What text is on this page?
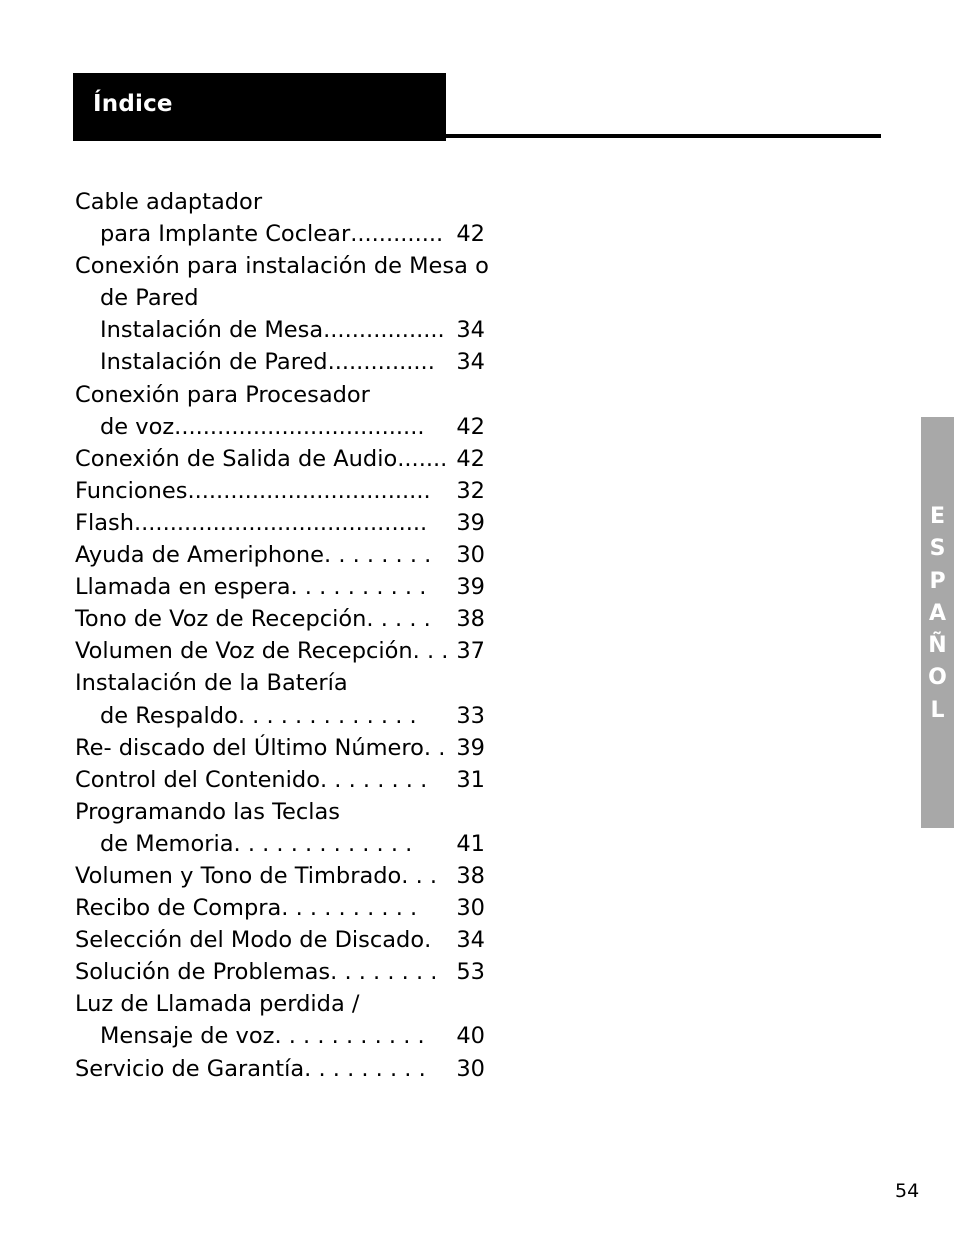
Índice
Cable adaptador
para Implante Coclear ............. 42
Conexión para instalación de Mesa o
de Pared
Instalación de Mesa ................. 34
Instalación de Pared ............... 34
Conexión para Procesador
de voz ...................................	42
Conexión de Salida de Audio ....... 42
Funciones ..................................	32
Flash .........................................	39
Ayuda de Ameriphone . . . . . . . .	30
Llamada en espera . . . . . . . . . .	39
Tono de Voz de Recepción . . . . .	38
Volumen de Voz de Recepción . . . 37
Instalación de la Batería
de Respaldo . . . . . . . . . . . . .	33
Re- discado del Último Número . . 39
Control del Contenido . . . . . . . .	31
Programando las Teclas
de Memoria . . . . . . . . . . . . .	41
Volumen y Tono de Timbrado . . . 38
Recibo de Compra . . . . . . . . . .	30
Selección del Modo de Discado .	34
Solución de Problemas . . . . . . . . 53
Luz de Llamada perdida /
Mensaje de voz . . . . . . . . . . .	40
Servicio de Garantía . . . . . . . . .	30
E
S
P
A
Ñ
O
L
54
